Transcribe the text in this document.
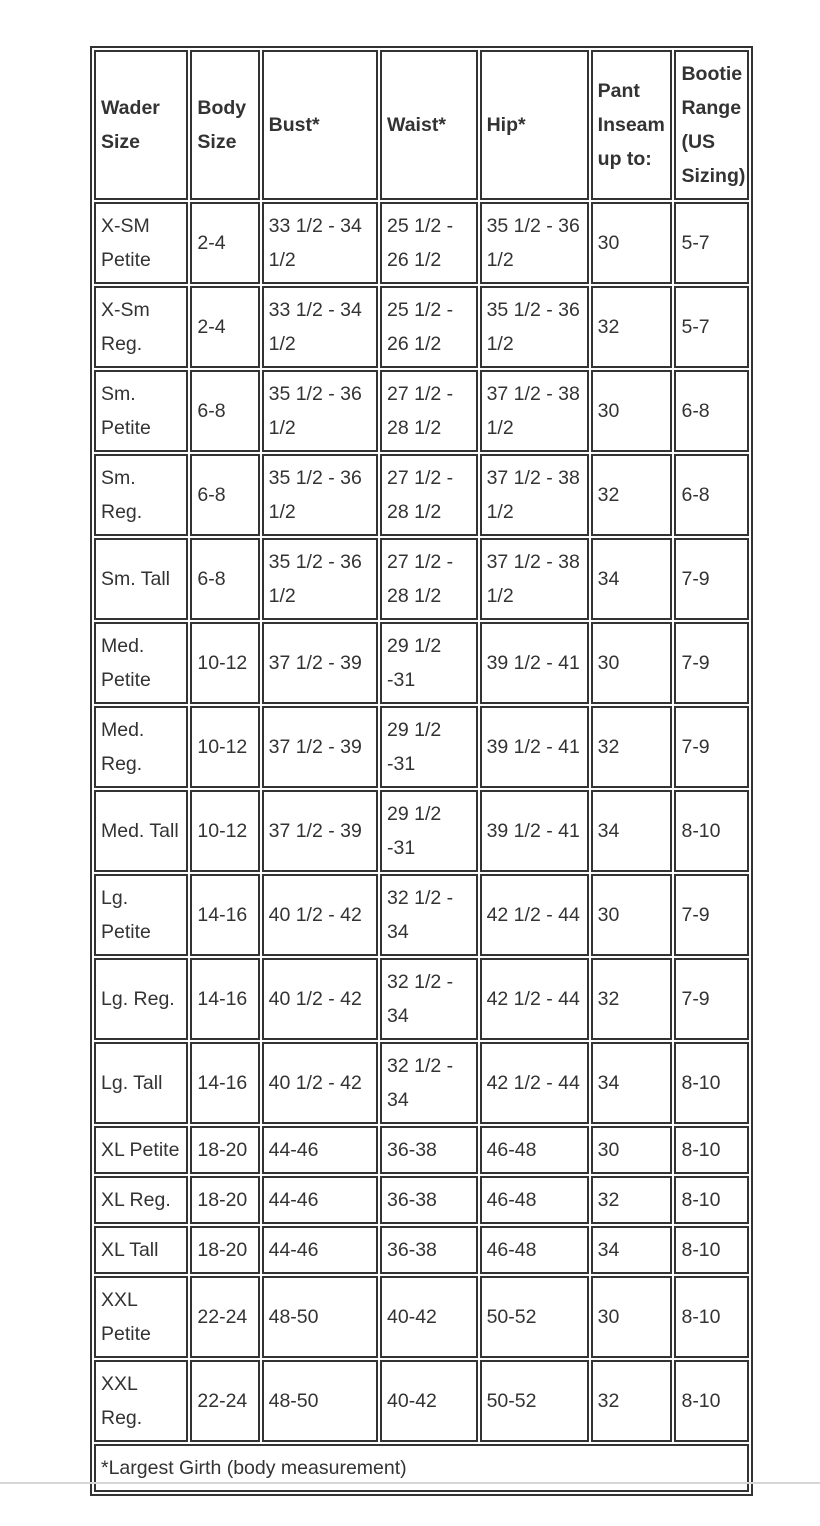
Wader Size	Body Size	Bust*	Waist*	Hip*	Pant Inseam up to:	Bootie Range (US Sizing)
X-SM Petite	2-4	33 1/2 - 34 1/2	25 1/2 - 26 1/2	35 1/2 - 36 1/2	30	5-7
X-Sm Reg.	2-4	33 1/2 - 34 1/2	25 1/2 - 26 1/2	35 1/2 - 36 1/2	32	5-7
Sm. Petite	6-8	35 1/2 - 36 1/2	27 1/2 - 28 1/2	37 1/2 - 38 1/2	30	6-8
Sm. Reg.	6-8	35 1/2 - 36 1/2	27 1/2 - 28 1/2	37 1/2 - 38 1/2	32	6-8
Sm. Tall	6-8	35 1/2 - 36 1/2	27 1/2 - 28 1/2	37 1/2 - 38 1/2	34	7-9
Med. Petite	10-12	37 1/2 - 39	29 1/2 -31	39 1/2 - 41	30	7-9
Med. Reg.	10-12	37 1/2 - 39	29 1/2 -31	39 1/2 - 41	32	7-9
Med. Tall	10-12	37 1/2 - 39	29 1/2 -31	39 1/2 - 41	34	8-10
Lg. Petite	14-16	40 1/2 - 42	32 1/2 - 34	42 1/2 - 44	30	7-9
Lg. Reg.	14-16	40 1/2 - 42	32 1/2 - 34	42 1/2 - 44	32	7-9
Lg. Tall	14-16	40 1/2 - 42	32 1/2 - 34	42 1/2 - 44	34	8-10
XL Petite	18-20	44-46	36-38	46-48	30	8-10
XL Reg.	18-20	44-46	36-38	46-48	32	8-10
XL Tall	18-20	44-46	36-38	46-48	34	8-10
XXL Petite	22-24	48-50	40-42	50-52	30	8-10
XXL Reg.	22-24	48-50	40-42	50-52	32	8-10
*Largest Girth (body measurement)						
